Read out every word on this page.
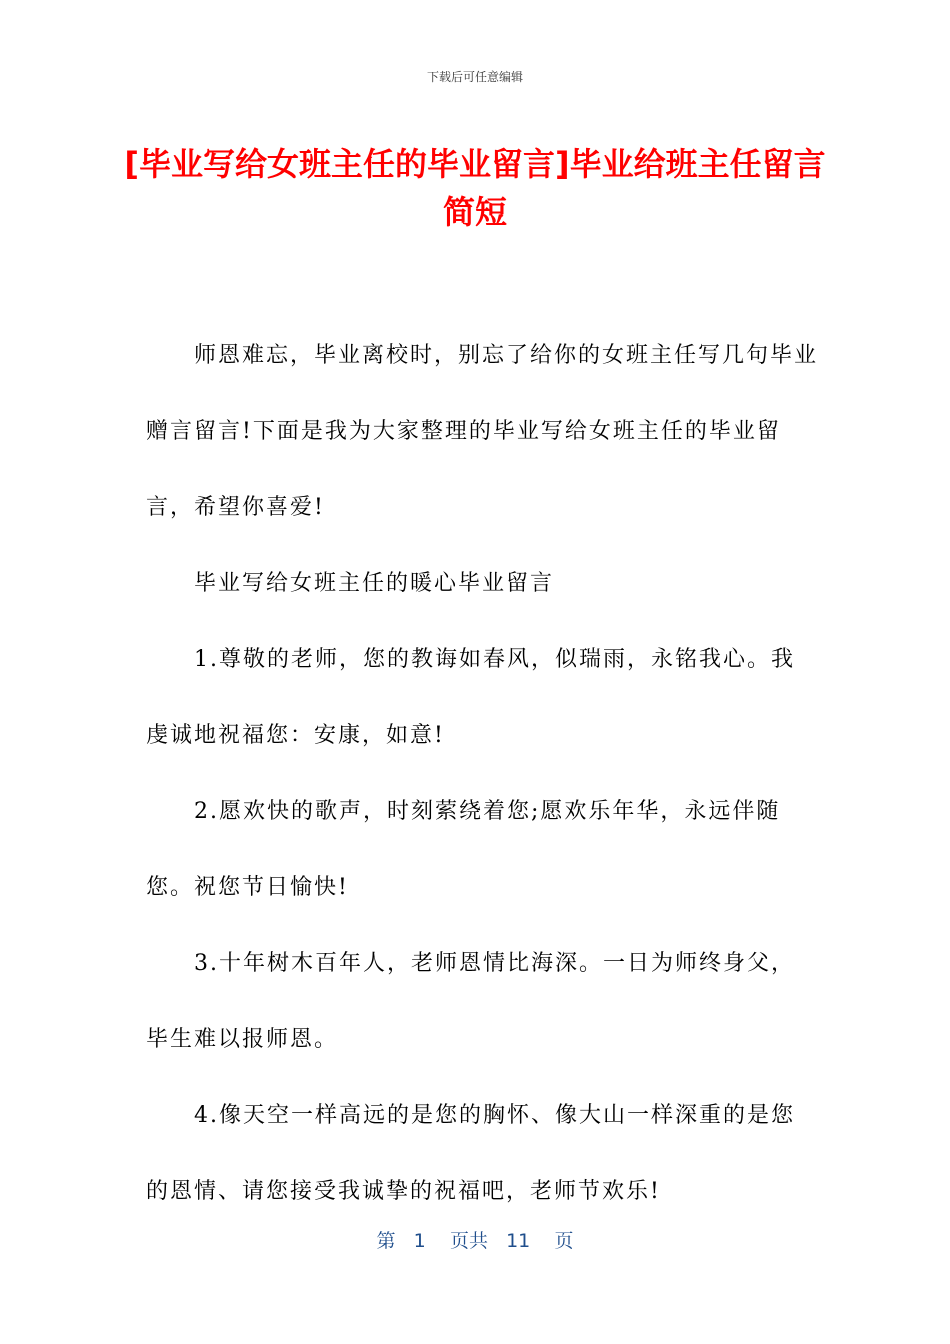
下载后可任意编辑
[毕业写给女班主任的毕业留言]毕业给班主任留言简短

师恩难忘，毕业离校时，别忘了给你的女班主任写几句毕业赠言留言!下面是我为大家整理的毕业写给女班主任的毕业留言，希望你喜爱!

毕业写给女班主任的暖心毕业留言

1.尊敬的老师，您的教诲如春风，似瑞雨，永铭我心。我虔诚地祝福您：安康，如意!

2.愿欢快的歌声，时刻萦绕着您;愿欢乐年华，永远伴随您。祝您节日愉快!

3.十年树木百年人，老师恩情比海深。一日为师终身父，毕生难以报师恩。

4.像天空一样高远的是您的胸怀、像大山一样深重的是您的恩情、请您接受我诚挚的祝福吧，老师节欢乐!

第 1 页共 11 页
